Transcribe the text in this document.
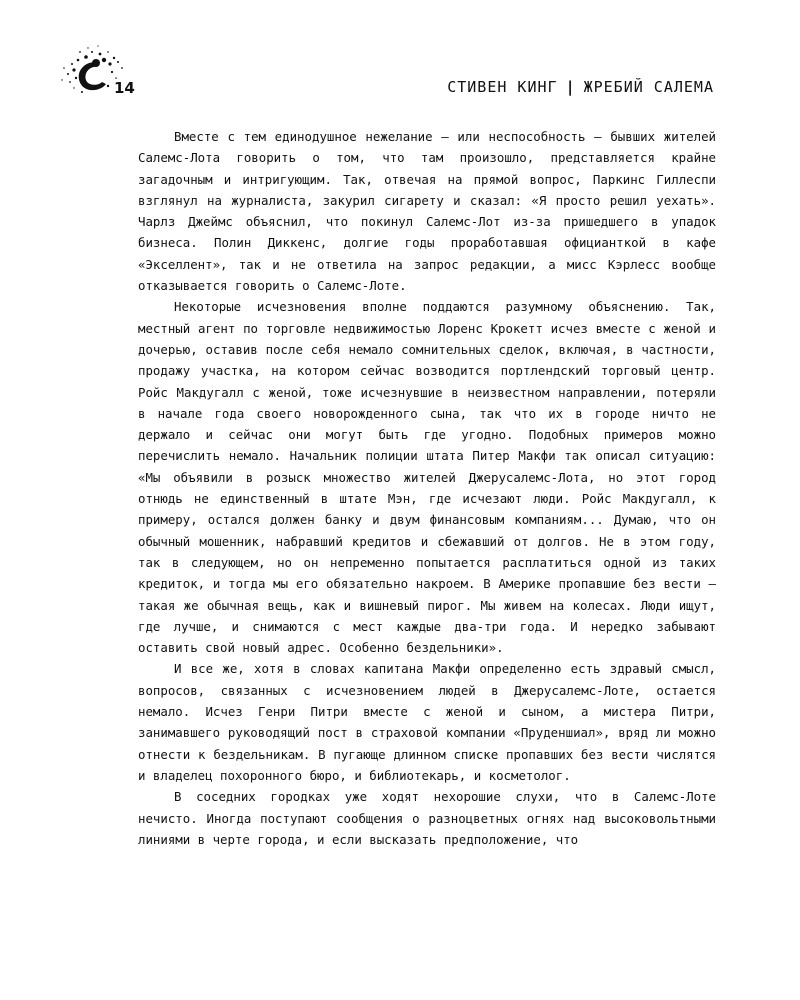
14	СТИВЕН КИНГ | ЖРЕБИЙ САЛЕМА

Вместе с тем единодушное нежелание — или неспособность — бывших жителей Салемс-Лота говорить о том, что там произошло, представляется крайне загадочным и интригующим. Так, отвечая на прямой вопрос, Паркинс Гиллеспи взглянул на журналиста, закурил сигарету и сказал: «Я просто решил уехать». Чарлз Джеймс объяснил, что покинул Салемс-Лот из-за пришедшего в упадок бизнеса. Полин Диккенс, долгие годы проработавшая официанткой в кафе «Экселлент», так и не ответила на запрос редакции, а мисс Кэрлесс вообще отказывается говорить о Салемс-Лоте.

Некоторые исчезновения вполне поддаются разумному объяснению. Так, местный агент по торговле недвижимостью Лоренс Крокетт исчез вместе с женой и дочерью, оставив после себя немало сомнительных сделок, включая, в частности, продажу участка, на котором сейчас возводится портлендский торговый центр. Ройс Макдугалл с женой, тоже исчезнувшие в неизвестном направлении, потеряли в начале года своего новорожденного сына, так что их в городе ничто не держало и сейчас они могут быть где угодно. Подобных примеров можно перечислить немало. Начальник полиции штата Питер Макфи так описал ситуацию: «Мы объявили в розыск множество жителей Джерусалемс-Лота, но этот город отнюдь не единственный в штате Мэн, где исчезают люди. Ройс Макдугалл, к примеру, остался должен банку и двум финансовым компаниям... Думаю, что он обычный мошенник, набравший кредитов и сбежавший от долгов. Не в этом году, так в следующем, но он непременно попытается расплатиться одной из таких кредиток, и тогда мы его обязательно накроем. В Америке пропавшие без вести — такая же обычная вещь, как и вишневый пирог. Мы живем на колесах. Люди ищут, где лучше, и снимаются с мест каждые два-три года. И нередко забывают оставить свой новый адрес. Особенно бездельники».

И все же, хотя в словах капитана Макфи определенно есть здравый смысл, вопросов, связанных с исчезновением людей в Джерусалемс-Лоте, остается немало. Исчез Генри Питри вместе с женой и сыном, а мистера Питри, занимавшего руководящий пост в страховой компании «Пруденшиал», вряд ли можно отнести к бездельникам. В пугающе длинном списке пропавших без вести числятся и владелец похоронного бюро, и библиотекарь, и косметолог.

В соседних городках уже ходят нехорошие слухи, что в Салемс-Лоте нечисто. Иногда поступают сообщения о разноцветных огнях над высоковольтными линиями в черте города, и если высказать предположение, что
